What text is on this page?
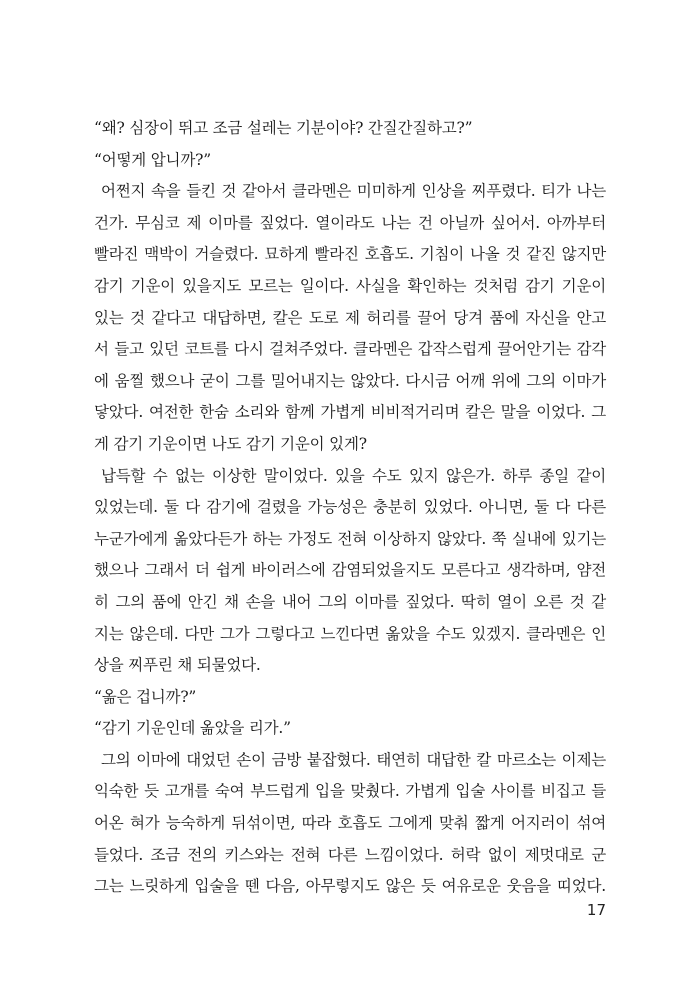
“왜? 심장이 뛰고 조금 설레는 기분이야? 간질간질하고?”
“어떻게 압니까?”
어쩐지 속을 들킨 것 같아서 클라멘은 미미하게 인상을 찌푸렸다. 티가 나는
건가. 무심코 제 이마를 짚었다. 열이라도 나는 건 아닐까 싶어서. 아까부터
빨라진 맥박이 거슬렸다. 묘하게 빨라진 호흡도. 기침이 나올 것 같진 않지만
감기 기운이 있을지도 모르는 일이다. 사실을 확인하는 것처럼 감기 기운이
있는 것 같다고 대답하면, 칼은 도로 제 허리를 끌어 당겨 품에 자신을 안고
서 들고 있던 코트를 다시 걸쳐주었다. 클라멘은 갑작스럽게 끌어안기는 감각
에 움찔 했으나 굳이 그를 밀어내지는 않았다. 다시금 어깨 위에 그의 이마가
닿았다. 여전한 한숨 소리와 함께 가볍게 비비적거리며 칼은 말을 이었다. 그
게 감기 기운이면 나도 감기 기운이 있게?
납득할 수 없는 이상한 말이었다. 있을 수도 있지 않은가. 하루 종일 같이
있었는데. 둘 다 감기에 걸렸을 가능성은 충분히 있었다. 아니면, 둘 다 다른
누군가에게 옮았다든가 하는 가정도 전혀 이상하지 않았다. 쭉 실내에 있기는
했으나 그래서 더 쉽게 바이러스에 감염되었을지도 모른다고 생각하며, 얌전
히 그의 품에 안긴 채 손을 내어 그의 이마를 짚었다. 딱히 열이 오른 것 같
지는 않은데. 다만 그가 그렇다고 느낀다면 옮았을 수도 있겠지. 클라멘은 인
상을 찌푸린 채 되물었다.
“옮은 겁니까?”
“감기 기운인데 옮았을 리가.”
그의 이마에 대었던 손이 금방 붙잡혔다. 태연히 대답한 칼 마르소는 이제는
익숙한 듯 고개를 숙여 부드럽게 입을 맞췄다. 가볍게 입술 사이를 비집고 들
어온 혀가 능숙하게 뒤섞이면, 따라 호흡도 그에게 맞춰 짧게 어지러이 섞여
들었다. 조금 전의 키스와는 전혀 다른 느낌이었다. 허락 없이 제멋대로 군
그는 느릿하게 입술을 뗀 다음, 아무렇지도 않은 듯 여유로운 웃음을 띠었다.
17
